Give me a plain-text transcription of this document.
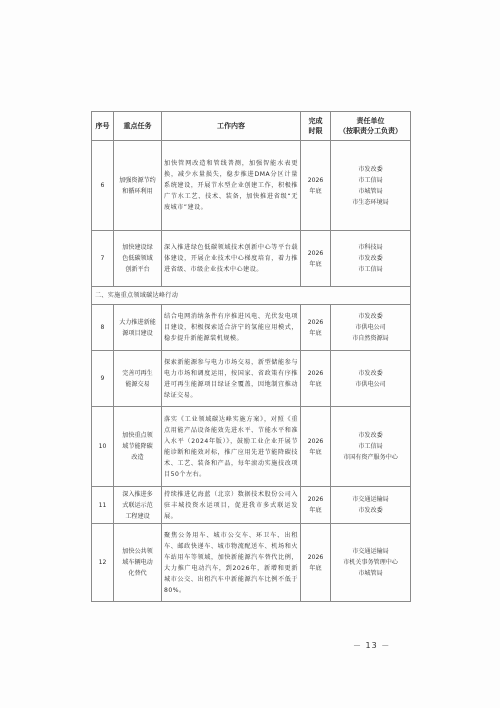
序号	重点任务	工作内容	完成
时限	责任单位
（按职责分工负责）

6	加强资源节约
和循环利用	加快管网改造和管线普测，加强智能水表更换，减少水量损失，稳步推进DMA分区计量系统建设，开展节水型企业创建工作，积极推广节水工艺、技术、装备，加快推进省级“无废城市”建设。	2026
年底	市发改委
市工信局
市城管局
市生态环境局

7	加快建设绿
色低碳领域
创新平台	深入推进绿色低碳领域技术创新中心等平台载体建设，开展企业技术中心梯度培育，着力推进省级、市级企业技术中心建设。	2026
年底	市科技局
市发改委
市工信局

二、实施重点领域碳达峰行动				
8	大力推进新能
源项目建设	结合电网消纳条件有序推进风电、光伏发电项目建设，积极探索适合济宁的氢能应用模式，稳步提升新能源装机规模。	2026
年底	市发改委
市供电公司
市自然资源局

9	完善可再生
能源交易	探索新能源参与电力市场交易，新型储能参与电力市场和调度运用，按国家、省政策有序推进可再生能源项目绿证全覆盖，因地制宜推动绿证交易。	2026
年底	市发改委
市供电公司

10	加快重点领
域节能降碳
改造	落实《工业领域碳达峰实施方案》，对照《重点用能产品设备能效先进水平、节能水平和准入水平（2024年版）》，鼓励工业企业开展节能诊断和能效对标，推广应用先进节能降碳技术、工艺、装备和产品，每年滚动实施技改项目50个左右。	2026
年底	市发改委
市工信局
市国有资产服务中心

11	深入推进多
式联运示范
工程建设	持续推进亿海蓝（北京）数据技术股份公司入驻丰城投资水运项目，促进我市多式联运发展。	2026
年底	市交通运输局
市发改委

12	加快公共领
域车辆电动
化替代	聚焦公务用车、城市公交车、环卫车、出租车、邮政快递车、城市物流配送车、机场和火车站用车等领域，加快新能源汽车替代比例，大力推广电动汽车，到2026年，新增和更新城市公交、出租汽车中新能源汽车比例不低于80%。	2026
年底	市交通运输局
市机关事务管理中心
市城管局
－ 13 －
